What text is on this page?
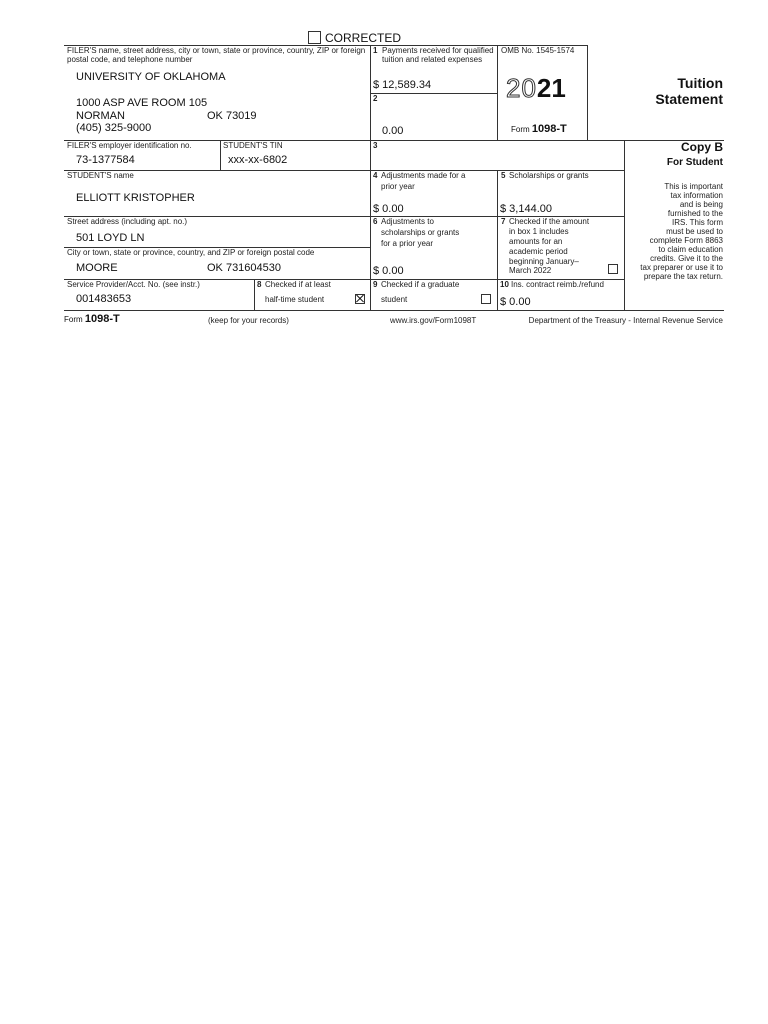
CORRECTED
FILER'S name, street address, city or town, state or province, country, ZIP or foreign postal code, and telephone number
UNIVERSITY OF OKLAHOMA
1000 ASP AVE ROOM 105
NORMAN	OK 73019
(405) 325-9000
1 Payments received for qualified tuition and related expenses
$ 12,589.34
2
0.00
OMB No. 1545-1574
2021
Form 1098-T
Tuition
Statement
FILER'S employer identification no.
73-1377584
STUDENT'S TIN
xxx-xx-6802
3	Copy B
For Student
This is important
tax information
and is being
furnished to the
IRS. This form
must be used to
complete Form 8863
to claim education
credits. Give it to the
tax preparer or use it to
prepare the tax return.
STUDENT'S name
ELLIOTT KRISTOPHER
4 Adjustments made for a
prior year
$ 0.00
5 Scholarships or grants
$ 3,144.00
Street address (including apt. no.)
501 LOYD LN
City or town, state or province, country, and ZIP or foreign postal code
MOORE	OK 731604530
6 Adjustments to
scholarships or grants
for a prior year
$ 0.00
7 Checked if the amount
in box 1 includes
amounts for an
academic period
beginning January–
March 2022
Service Provider/Acct. No. (see instr.)
001483653
8 Checked if at least
half-time student
9 Checked if a graduate
student
10 Ins. contract reimb./refund
$ 0.00
Form 1098-T	(keep for your records)	www.irs.gov/Form1098T	Department of the Treasury - Internal Revenue Service
